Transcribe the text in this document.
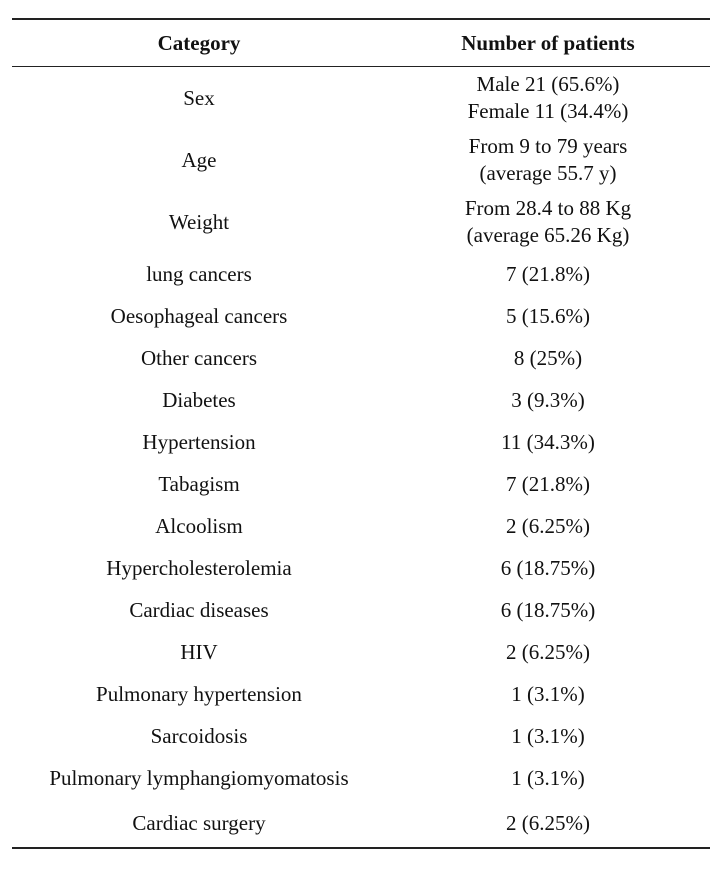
Category	Number of patients
Sex	Male 21 (65.6%)
Female 11 (34.4%)

Age	From 9 to 79 years
(average 55.7 y)

Weight	From 28.4 to 88 Kg
(average 65.26 Kg)

lung cancers	7 (21.8%)

Oesophageal cancers	5 (15.6%)

Other cancers	8 (25%)

Diabetes	3 (9.3%)

Hypertension	11 (34.3%)

Tabagism	7 (21.8%)

Alcoolism	2 (6.25%)

Hypercholesterolemia	6 (18.75%)

Cardiac diseases	6 (18.75%)

HIV	2 (6.25%)

Pulmonary hypertension	1 (3.1%)

Sarcoidosis	1 (3.1%)

Pulmonary lymphangiomyomatosis	1 (3.1%)

Cardiac surgery	2 (6.25%)
